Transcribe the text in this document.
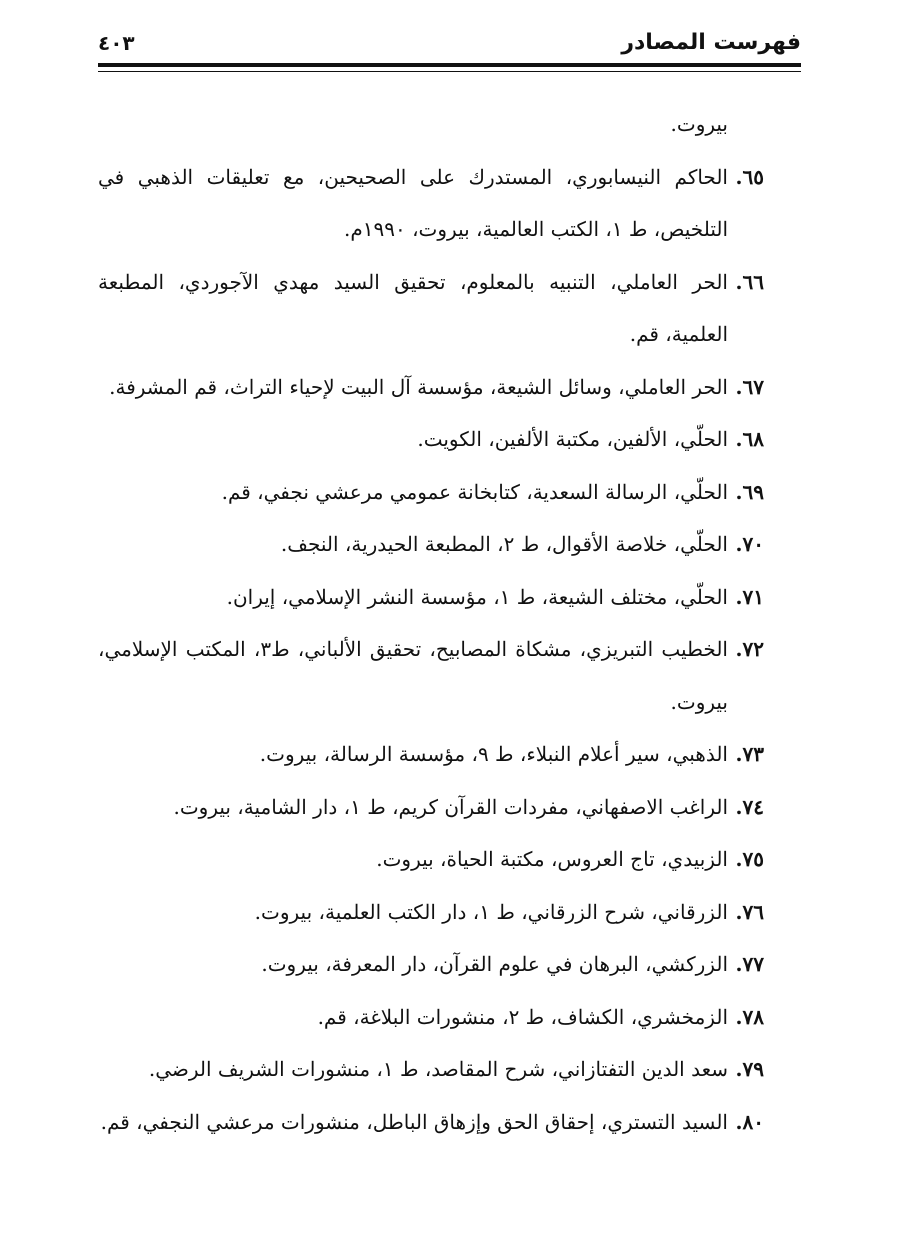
فهرست المصادر
٤٠٣
بيروت.
٦٥.
الحاكم النيسابوري، المستدرك على الصحيحين، مع تعليقات الذهبي في التلخيص، ط ١، الكتب العالمية، بيروت، ١٩٩٠م.
٦٦.
الحر العاملي، التنبيه بالمعلوم، تحقيق السيد مهدي الآجوردي، المطبعة العلمية، قم.
٦٧.
الحر العاملي، وسائل الشيعة، مؤسسة آل البيت لإحياء التراث، قم المشرفة.
٦٨.
الحلّي، الألفين، مكتبة الألفين، الكويت.
٦٩.
الحلّي، الرسالة السعدية، كتابخانة عمومي مرعشي نجفي، قم.
٧٠.
الحلّي، خلاصة الأقوال، ط ٢، المطبعة الحيدرية، النجف.
٧١.
الحلّي، مختلف الشيعة، ط ١، مؤسسة النشر الإسلامي، إيران.
٧٢.
الخطيب التبريزي، مشكاة المصابيح، تحقيق الألباني، ط٣، المكتب الإسلامي، بيروت.
٧٣.
الذهبي، سير أعلام النبلاء، ط ٩، مؤسسة الرسالة، بيروت.
٧٤.
الراغب الاصفهاني، مفردات القرآن كريم، ط ١، دار الشامية، بيروت.
٧٥.
الزبيدي، تاج العروس، مكتبة الحياة، بيروت.
٧٦.
الزرقاني، شرح الزرقاني، ط ١، دار الكتب العلمية، بيروت.
٧٧.
الزركشي، البرهان في علوم القرآن، دار المعرفة، بيروت.
٧٨.
الزمخشري، الكشاف، ط ٢، منشورات البلاغة، قم.
٧٩.
سعد الدين التفتازاني، شرح المقاصد، ط ١، منشورات الشريف الرضي.
٨٠.
السيد التستري، إحقاق الحق وإزهاق الباطل، منشورات مرعشي النجفي، قم.
